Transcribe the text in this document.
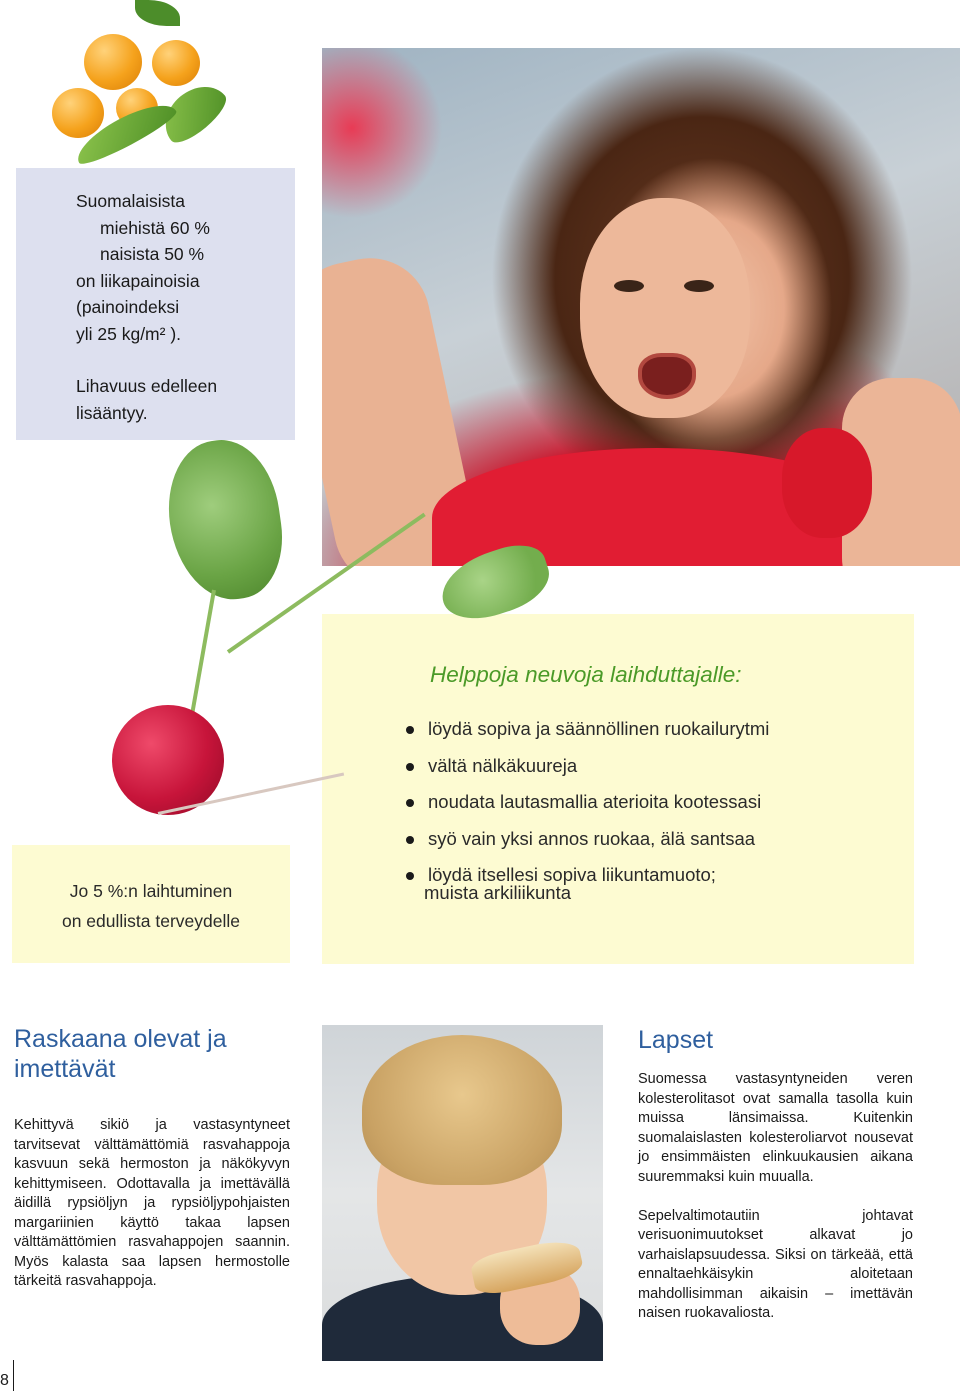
Suomalaisista
miehistä 60 %
naisista 50 %
on liikapainoisia
(painoindeksi
yli 25 kg/m² ).
Lihavuus edelleen
lisääntyy.
Helppoja neuvoja laihduttajalle:
löydä sopiva ja säännöllinen ruokailurytmi
vältä nälkäkuureja
noudata lautasmallia aterioita kootessasi
syö vain yksi annos ruokaa, älä santsaa
löydä itsellesi sopiva liikuntamuoto;
muista arkiliikunta
Jo 5 %:n laihtuminen
on edullista terveydelle
Raskaana olevat ja
imettävät

Kehittyvä sikiö ja vastasyntyneet tarvitsevat välttämättömiä rasvahappoja kasvuun sekä hermoston ja näkökyvyn kehittymiseen. Odottavalla ja imettävällä äidillä rypsiöljyn ja rypsiöljypohjaisten margariinien käyttö takaa lapsen välttämättömien rasvahappojen saannin. Myös kalasta saa lapsen hermostolle tärkeitä rasvahappoja.

Lapset

Suomessa vastasyntyneiden veren kolesterolitasot ovat samalla tasolla kuin muissa länsimaissa. Kuitenkin suomalaislasten kolesteroliarvot nousevat jo ensimmäisten elinkuukausien aikana suuremmaksi kuin muualla.

Sepelvaltimotautiin johtavat verisuonimuutokset alkavat jo varhaislapsuudessa. Siksi on tärkeää, että ennaltaehkäisykin aloitetaan mahdollisimman aikaisin – imettävän naisen ruokavaliosta.

8
